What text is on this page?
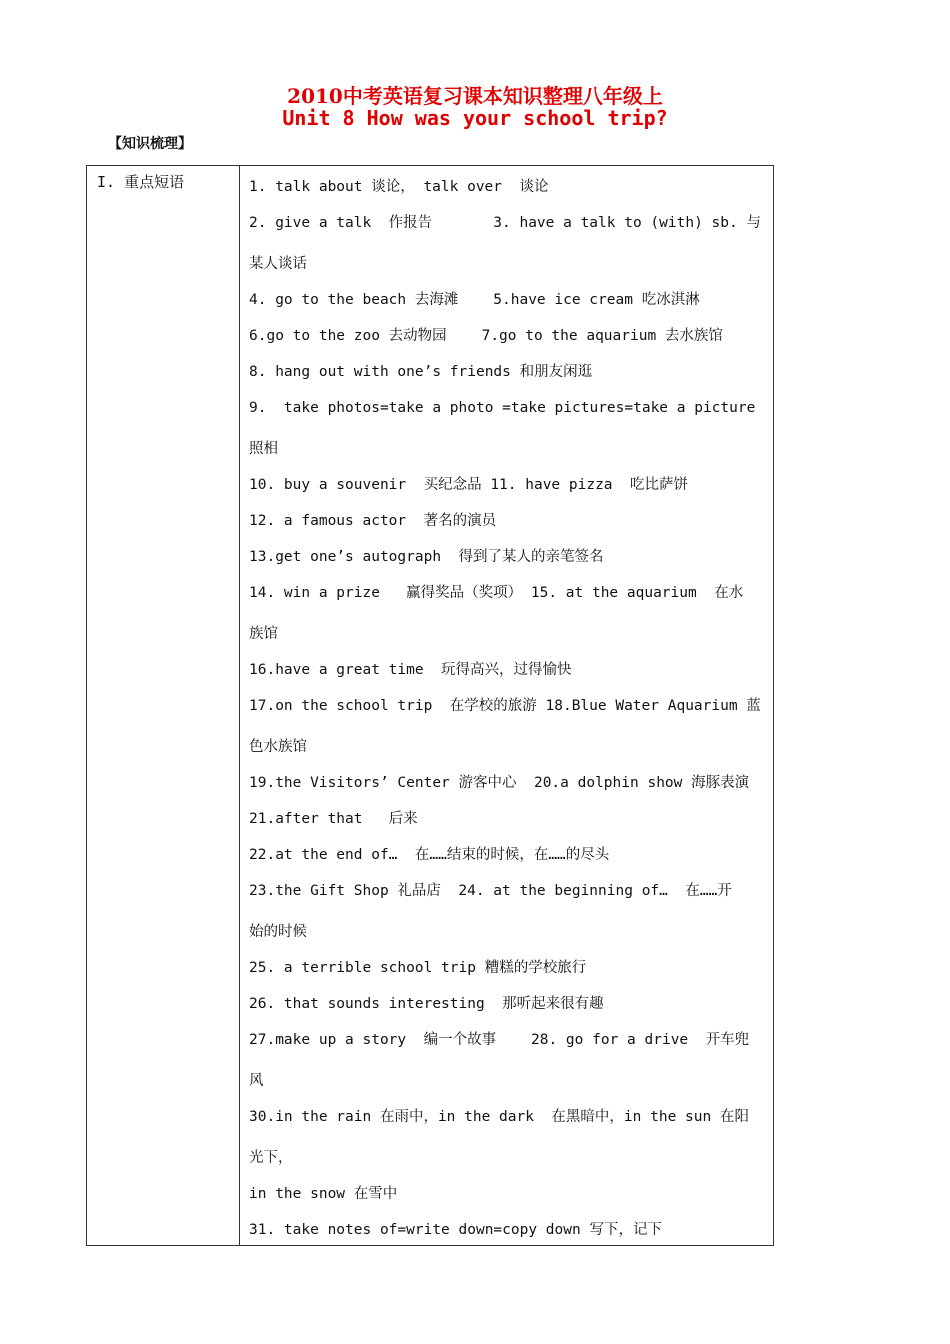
2010中考英语复习课本知识整理八年级上
Unit 8 How was your school trip?
【知识梳理】
I. 重点短语	1. talk about 谈论， talk over  谈论
2. give a talk  作报告       3. have a talk to (with) sb. 与
某人谈话
4. go to the beach 去海滩    5.have ice cream 吃冰淇淋
6.go to the zoo 去动物园    7.go to the aquarium 去水族馆
8. hang out with one’s friends 和朋友闲逛
9.  take photos=take a photo =take pictures=take a picture
照相
10. buy a souvenir  买纪念品 11. have pizza  吃比萨饼
12. a famous actor  著名的演员
13.get one’s autograph  得到了某人的亲笔签名
14. win a prize   赢得奖品（奖项） 15. at the aquarium  在水
族馆
16.have a great time  玩得高兴，过得愉快
17.on the school trip  在学校的旅游 18.Blue Water Aquarium 蓝
色水族馆
19.the Visitors’ Center 游客中心  20.a dolphin show 海豚表演
21.after that   后来
22.at the end of…  在……结束的时候，在……的尽头
23.the Gift Shop 礼品店  24. at the beginning of…  在……开
始的时候
25. a terrible school trip 糟糕的学校旅行
26. that sounds interesting  那听起来很有趣
27.make up a story  编一个故事    28. go for a drive  开车兜
风
30.in the rain 在雨中，in the dark  在黑暗中，in the sun 在阳
光下，
in the snow 在雪中
31. take notes of=write down=copy down 写下，记下
